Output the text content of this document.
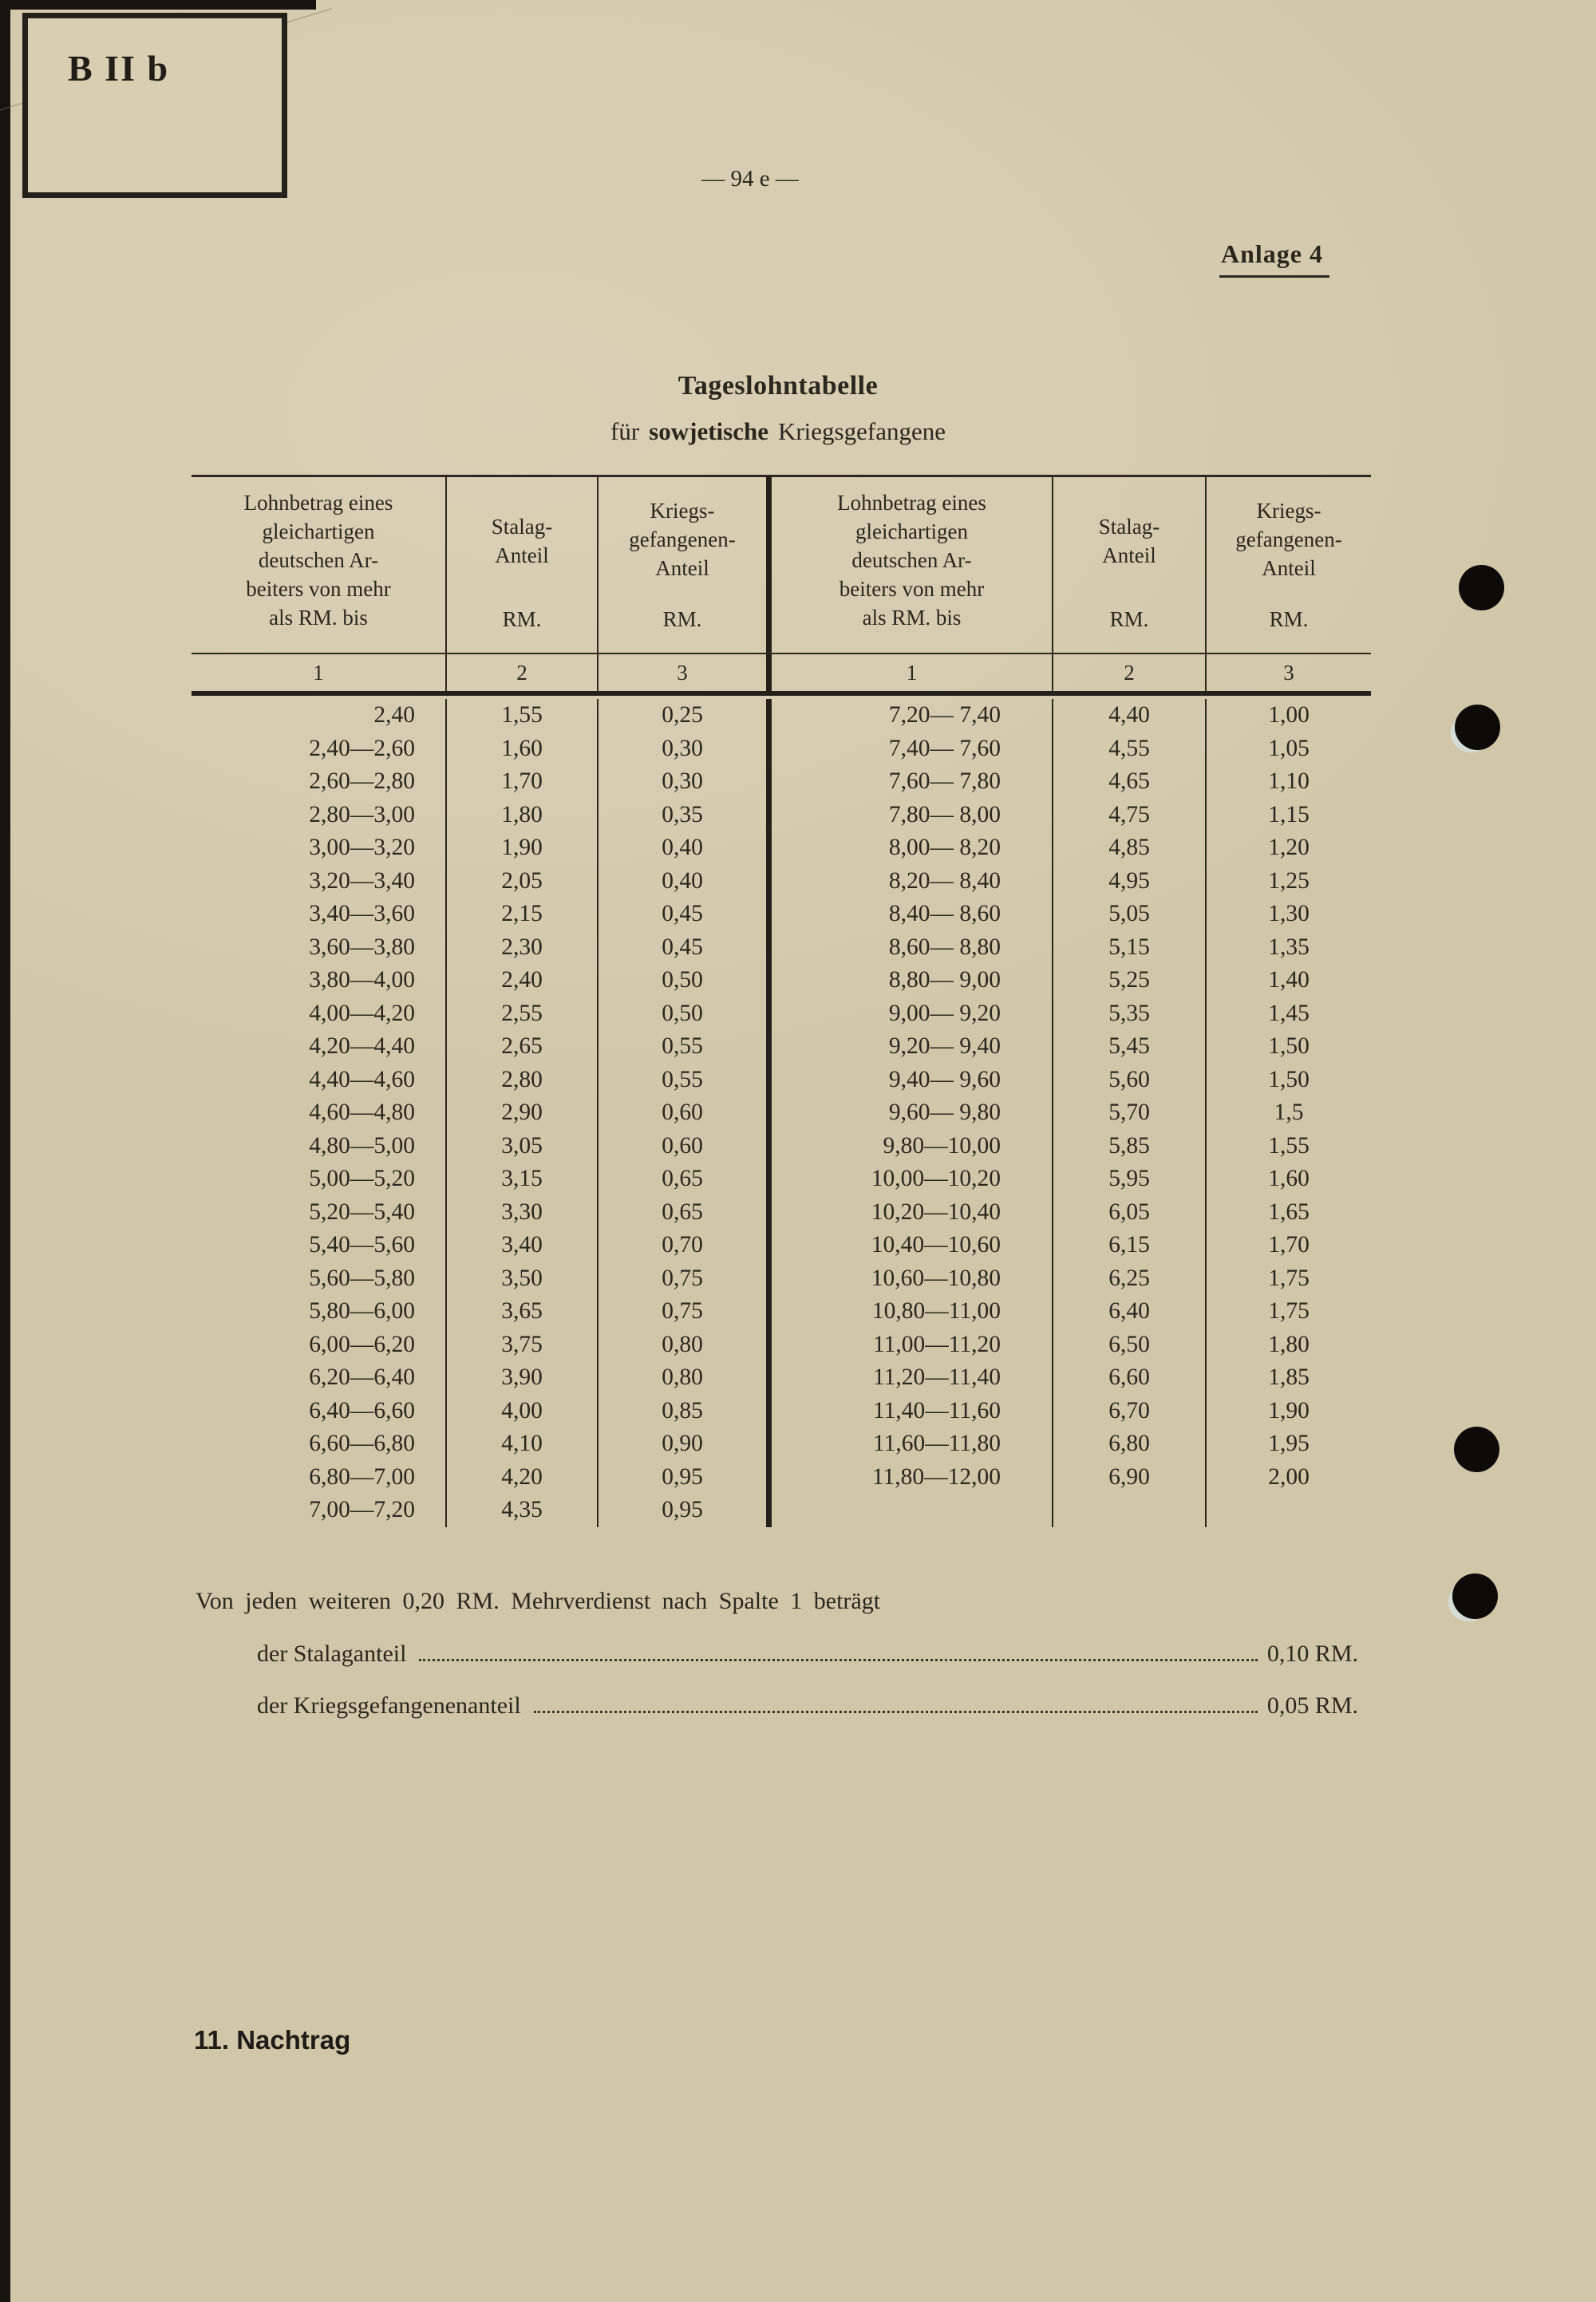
B II b
— 94 e —
Anlage 4
Tageslohntabelle
für sowjetische Kriegsgefangene
Lohnbetrag eines
gleichartigen
deutschen Ar-
beiters von mehr
als RM. bis
Stalag-
Anteil
RM.
Kriegs-
gefangenen-
Anteil
RM.
Lohnbetrag eines
gleichartigen
deutschen Ar-
beiters von mehr
als RM. bis
Stalag-
Anteil
RM.
Kriegs-
gefangenen-
Anteil
RM.
1	2	3	1	2	3
2,40	1,55	0,25	7,20— 7,40	4,40	1,00
2,40—2,60	1,60	0,30	7,40— 7,60	4,55	1,05
2,60—2,80	1,70	0,30	7,60— 7,80	4,65	1,10
2,80—3,00	1,80	0,35	7,80— 8,00	4,75	1,15
3,00—3,20	1,90	0,40	8,00— 8,20	4,85	1,20
3,20—3,40	2,05	0,40	8,20— 8,40	4,95	1,25
3,40—3,60	2,15	0,45	8,40— 8,60	5,05	1,30
3,60—3,80	2,30	0,45	8,60— 8,80	5,15	1,35
3,80—4,00	2,40	0,50	8,80— 9,00	5,25	1,40
4,00—4,20	2,55	0,50	9,00— 9,20	5,35	1,45
4,20—4,40	2,65	0,55	9,20— 9,40	5,45	1,50
4,40—4,60	2,80	0,55	9,40— 9,60	5,60	1,50
4,60—4,80	2,90	0,60	9,60— 9,80	5,70	1,5
4,80—5,00	3,05	0,60	9,80—10,00	5,85	1,55
5,00—5,20	3,15	0,65	10,00—10,20	5,95	1,60
5,20—5,40	3,30	0,65	10,20—10,40	6,05	1,65
5,40—5,60	3,40	0,70	10,40—10,60	6,15	1,70
5,60—5,80	3,50	0,75	10,60—10,80	6,25	1,75
5,80—6,00	3,65	0,75	10,80—11,00	6,40	1,75
6,00—6,20	3,75	0,80	11,00—11,20	6,50	1,80
6,20—6,40	3,90	0,80	11,20—11,40	6,60	1,85
6,40—6,60	4,00	0,85	11,40—11,60	6,70	1,90
6,60—6,80	4,10	0,90	11,60—11,80	6,80	1,95
6,80—7,00	4,20	0,95	11,80—12,00	6,90	2,00
7,00—7,20	4,35	0,95
Von jeden weiteren 0,20 RM. Mehrverdienst nach Spalte 1 beträgt
der Stalaganteil	0,10 RM.
der Kriegsgefangenenanteil	0,05 RM.
11. Nachtrag
